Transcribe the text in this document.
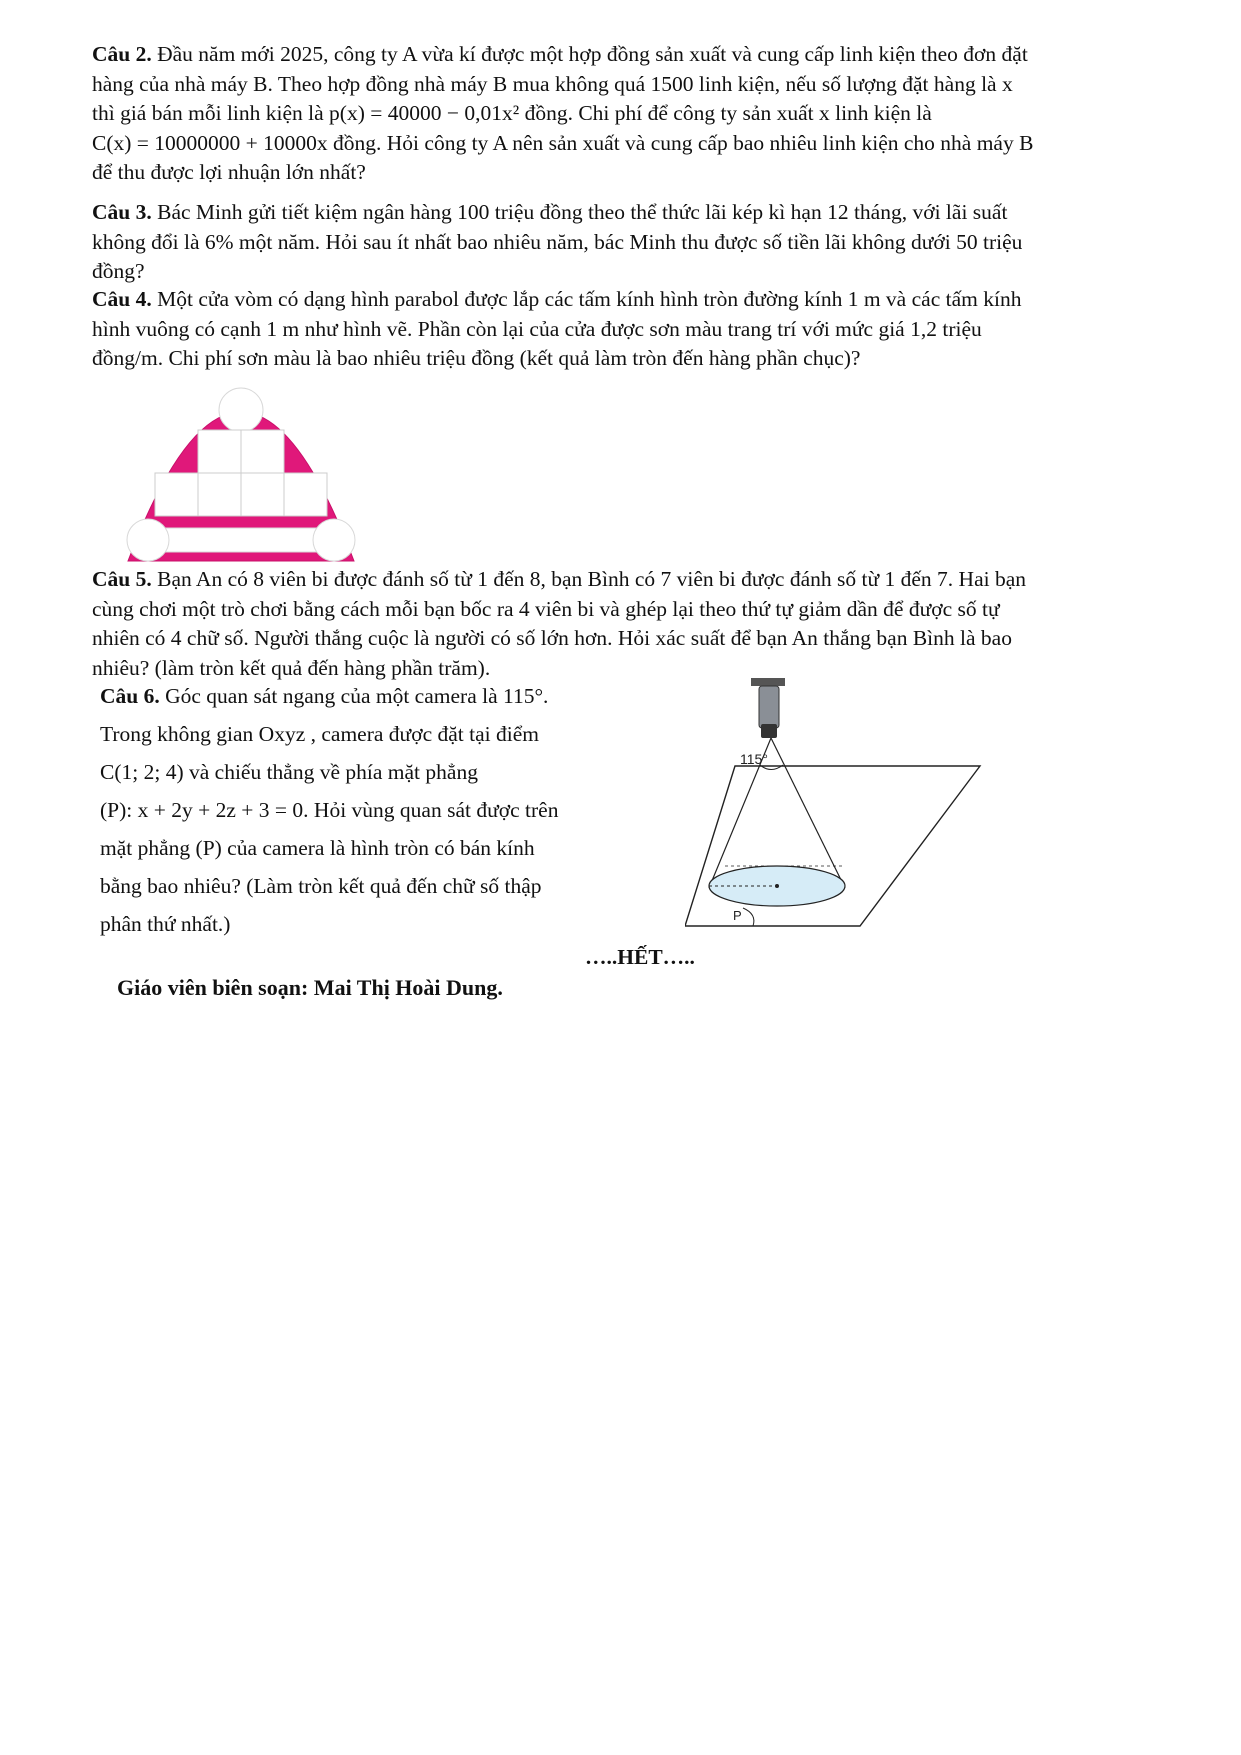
Câu 2. Đầu năm mới 2025, công ty A vừa kí được một hợp đồng sản xuất và cung cấp linh kiện theo đơn đặt
hàng của nhà máy B. Theo hợp đồng nhà máy B mua không quá 1500 linh kiện, nếu số lượng đặt hàng là x
thì giá bán mỗi linh kiện là p(x) = 40000 − 0,01x² đồng. Chi phí để công ty sản xuất x linh kiện là
C(x) = 10000000 + 10000x đồng. Hỏi công ty A nên sản xuất và cung cấp bao nhiêu linh kiện cho nhà máy B
để thu được lợi nhuận lớn nhất?
Câu 3. Bác Minh gửi tiết kiệm ngân hàng 100 triệu đồng theo thể thức lãi kép kì hạn 12 tháng, với lãi suất
không đổi là 6% một năm. Hỏi sau ít nhất bao nhiêu năm, bác Minh thu được số tiền lãi không dưới 50 triệu
đồng?
Câu 4. Một cửa vòm có dạng hình parabol được lắp các tấm kính hình tròn đường kính 1 m và các tấm kính
hình vuông có cạnh 1 m như hình vẽ. Phần còn lại của cửa được sơn màu trang trí với mức giá 1,2 triệu
đồng/m. Chi phí sơn màu là bao nhiêu triệu đồng (kết quả làm tròn đến hàng phần chục)?
Câu 5. Bạn An có 8 viên bi được đánh số từ 1 đến 8, bạn Bình có 7 viên bi được đánh số từ 1 đến 7. Hai bạn
cùng chơi một trò chơi bằng cách mỗi bạn bốc ra 4 viên bi và ghép lại theo thứ tự giảm dần để được số tự
nhiên có 4 chữ số. Người thắng cuộc là người có số lớn hơn. Hỏi xác suất để bạn An thắng bạn Bình là bao
nhiêu? (làm tròn kết quả đến hàng phần trăm).
Câu 6. Góc quan sát ngang của một camera là 115°.
Trong không gian Oxyz , camera được đặt tại điểm
C(1; 2; 4) và chiếu thẳng về phía mặt phẳng
(P): x + 2y + 2z + 3 = 0. Hỏi vùng quan sát được trên
mặt phẳng (P) của camera là hình tròn có bán kính
bằng bao nhiêu? (Làm tròn kết quả đến chữ số thập
phân thứ nhất.)
115°
P
…..HẾT…..
Giáo viên biên soạn: Mai Thị Hoài Dung.
